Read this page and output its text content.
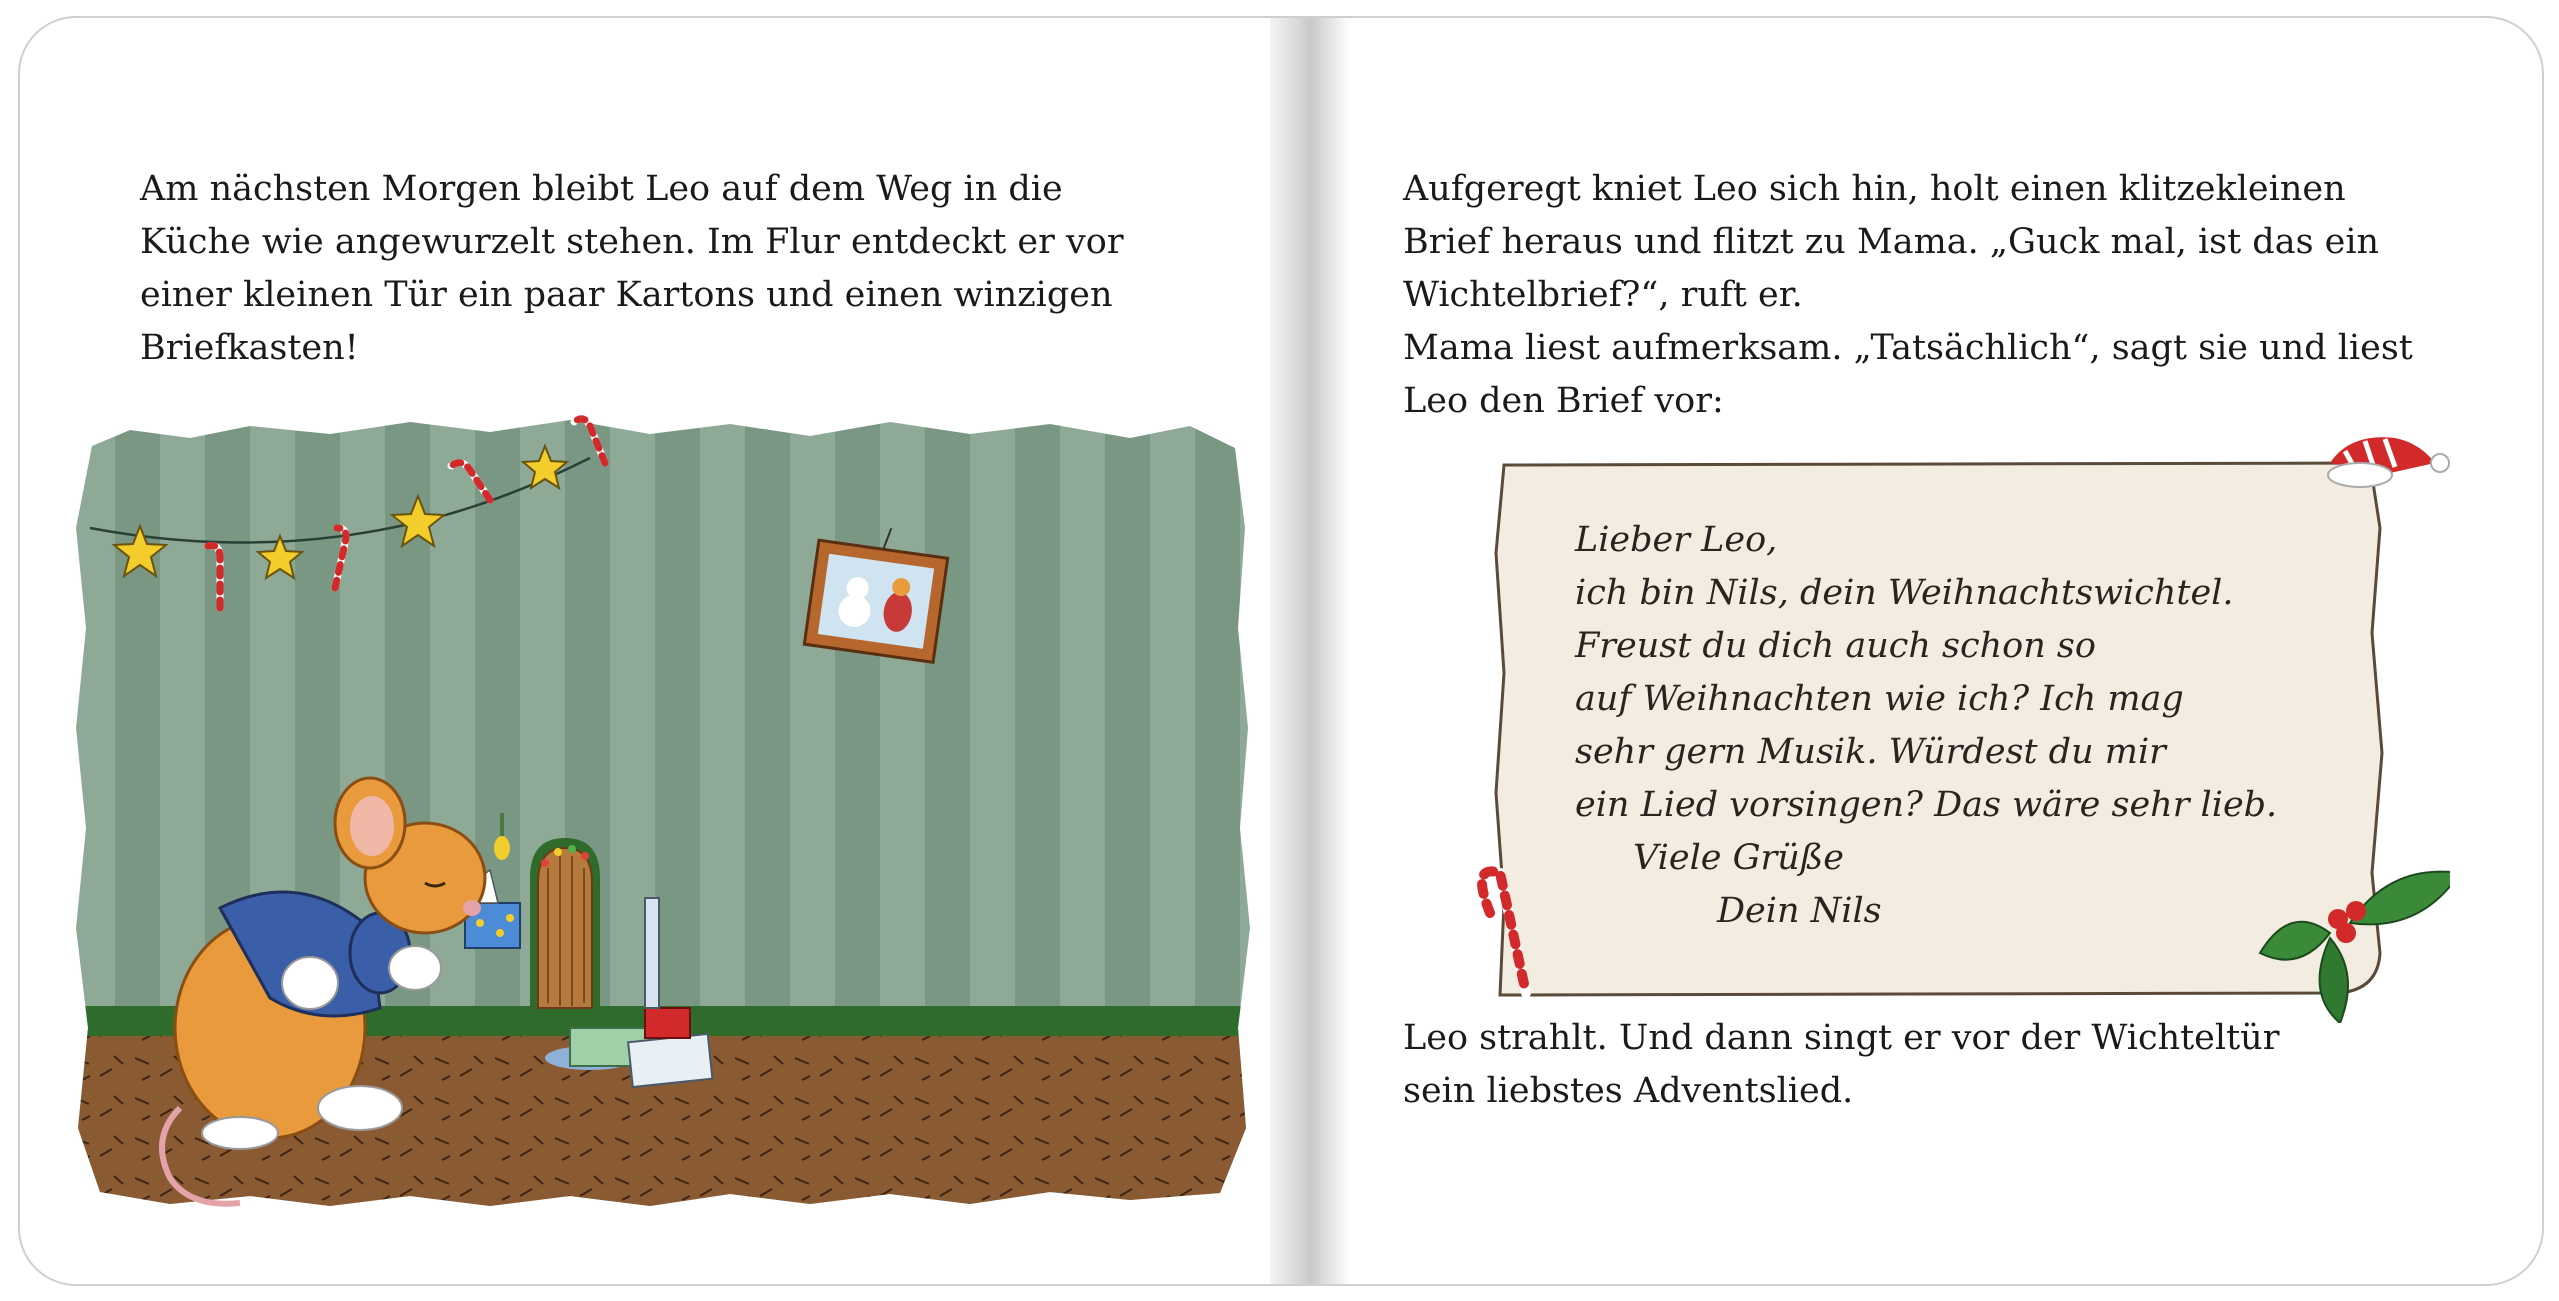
Am nächsten Morgen bleibt Leo auf dem Weg in die
Küche wie angewurzelt stehen. Im Flur entdeckt er vor
einer kleinen Tür ein paar Kartons und einen winzigen
Briefkasten!

Aufgeregt kniet Leo sich hin, holt einen klitzekleinen
Brief heraus und flitzt zu Mama. „Guck mal, ist das ein
Wichtelbrief?“, ruft er.
Mama liest aufmerksam. „Tatsächlich“, sagt sie und liest
Leo den Brief vor:

Lieber Leo,
ich bin Nils, dein Weihnachtswichtel.
Freust du dich auch schon so
auf Weihnachten wie ich? Ich mag
sehr gern Musik. Würdest du mir
ein Lied vorsingen? Das wäre sehr lieb.
Viele Grüße
Dein Nils

Leo strahlt. Und dann singt er vor der Wichteltür
sein liebstes Adventslied.
